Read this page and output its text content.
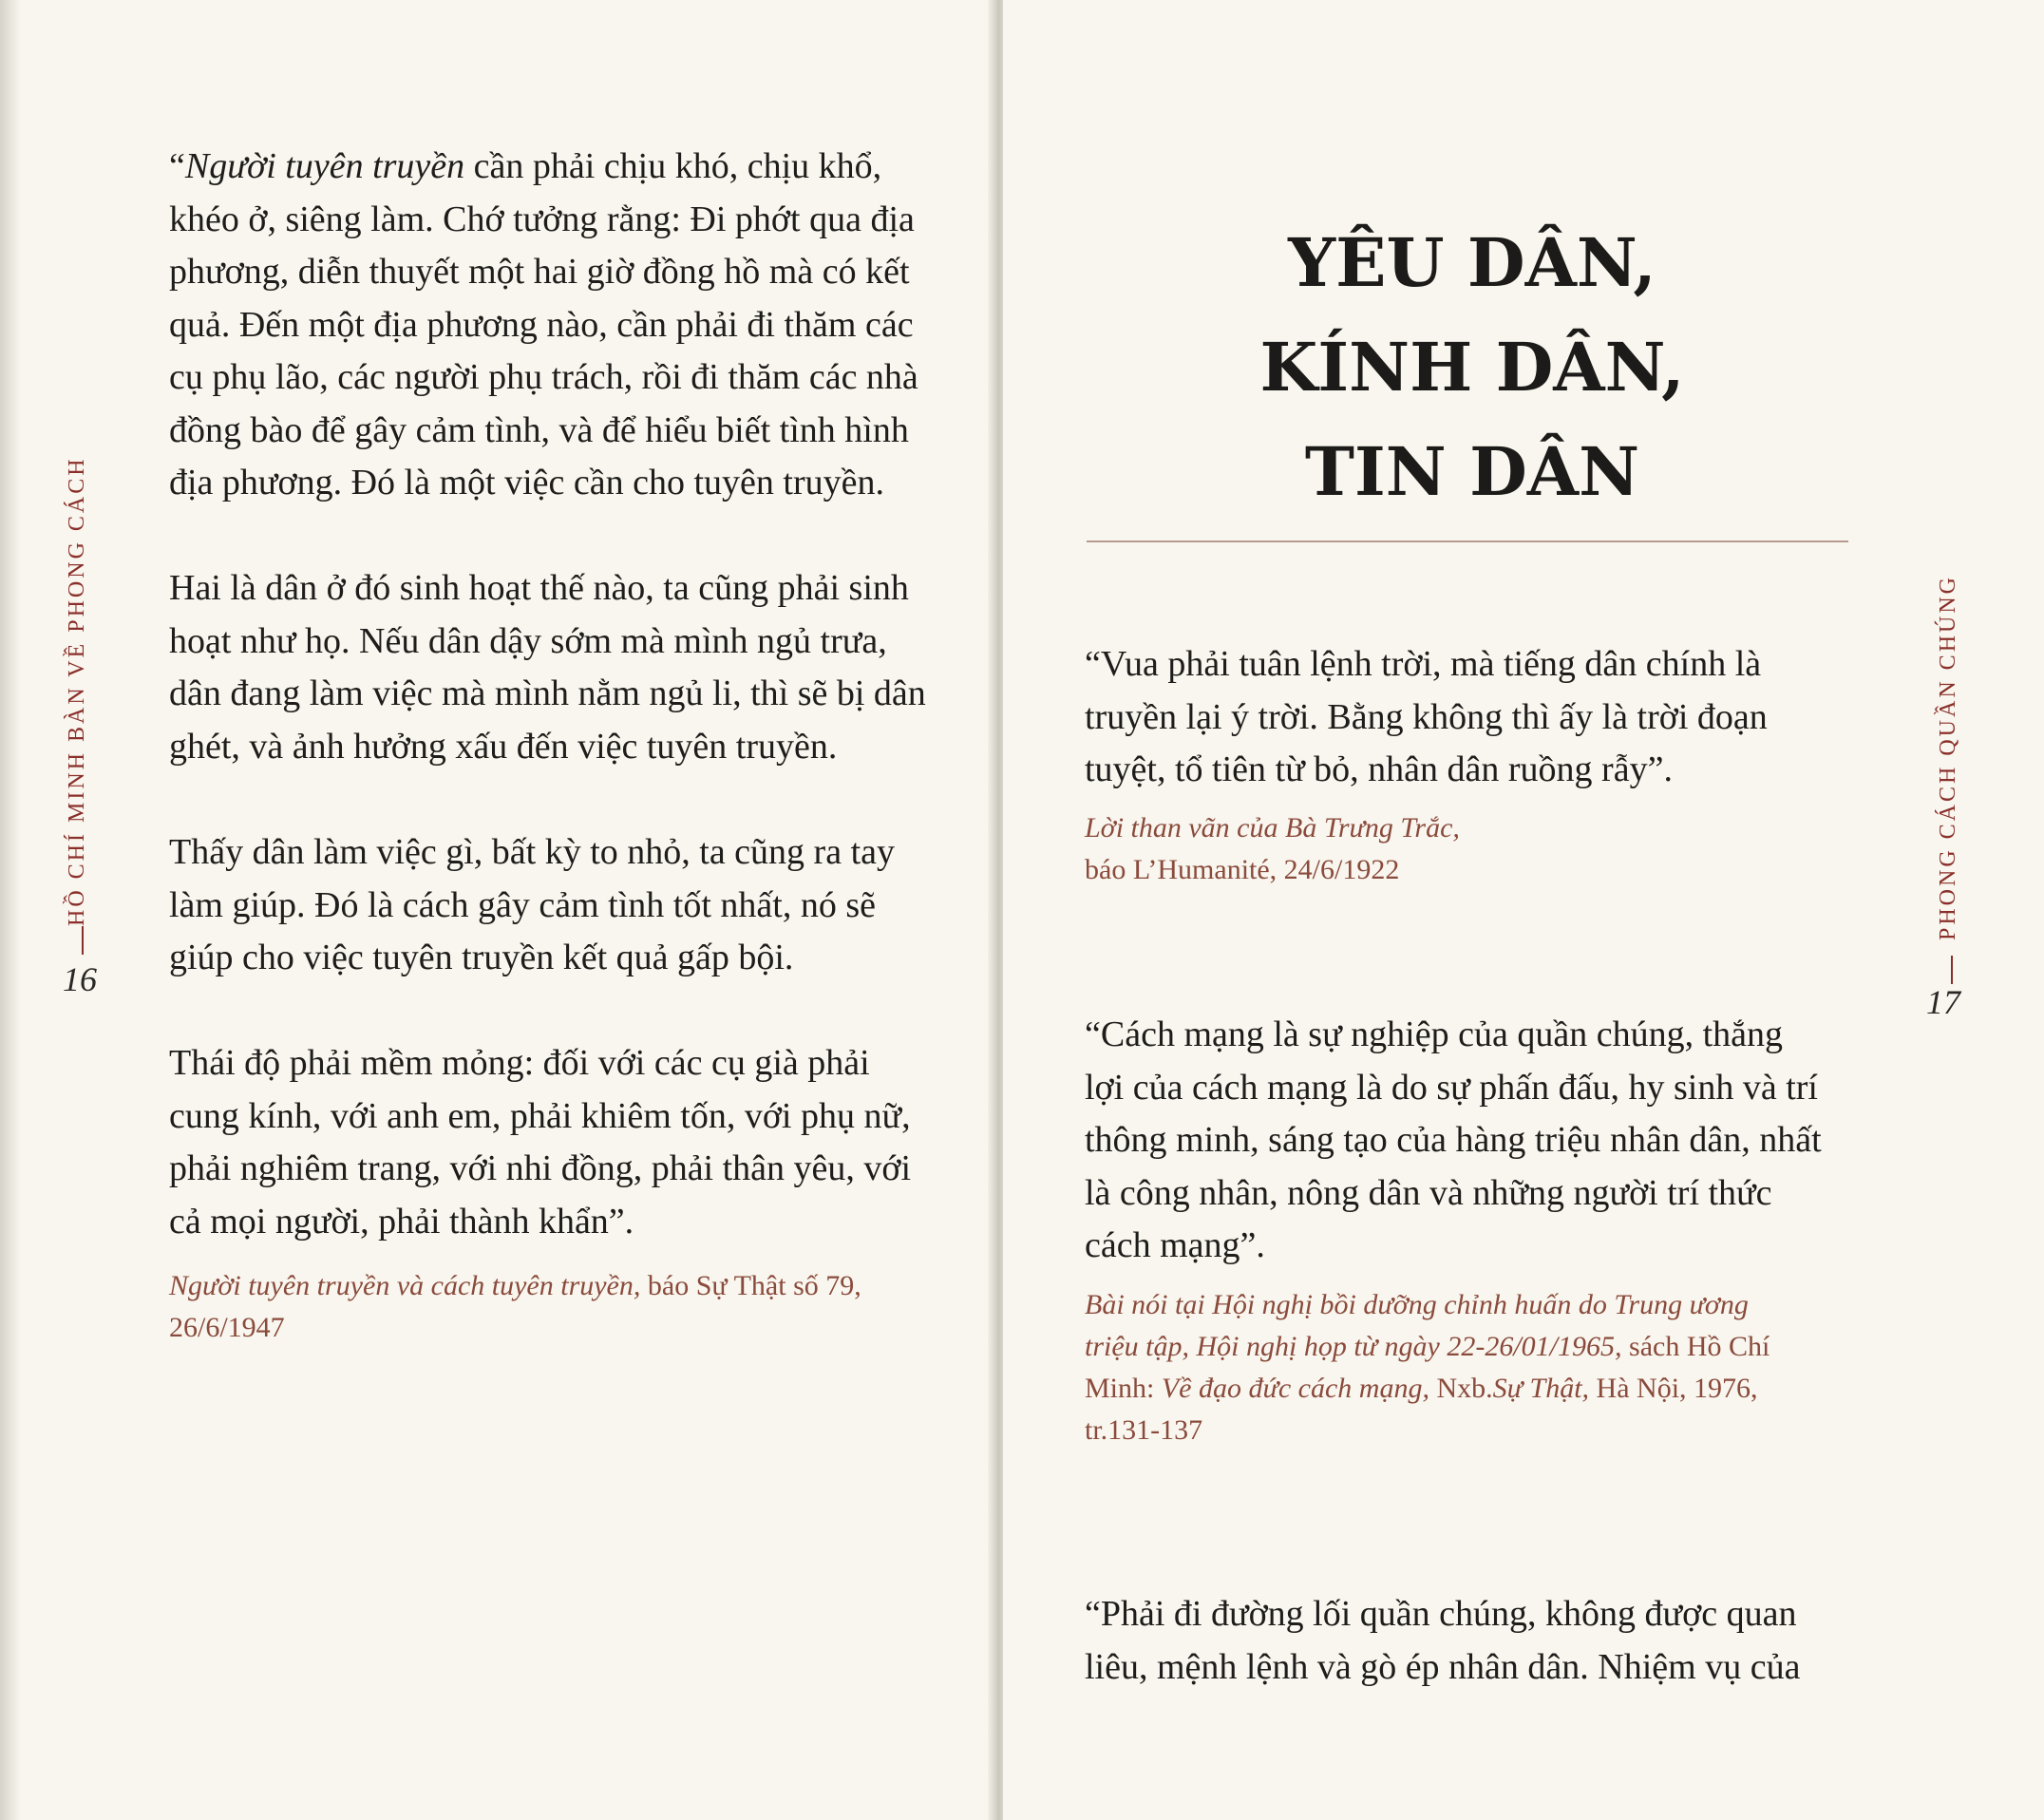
HỒ CHÍ MINH BÀN VỀ PHONG CÁCH
16

“Người tuyên truyền cần phải chịu khó, chịu khổ,
khéo ở, siêng làm. Chớ tưởng rằng: Đi phớt qua địa
phương, diễn thuyết một hai giờ đồng hồ mà có kết
quả. Đến một địa phương nào, cần phải đi thăm các
cụ phụ lão, các người phụ trách, rồi đi thăm các nhà
đồng bào để gây cảm tình, và để hiểu biết tình hình
địa phương. Đó là một việc cần cho tuyên truyền.

Hai là dân ở đó sinh hoạt thế nào, ta cũng phải sinh
hoạt như họ. Nếu dân dậy sớm mà mình ngủ trưa,
dân đang làm việc mà mình nằm ngủ li, thì sẽ bị dân
ghét, và ảnh hưởng xấu đến việc tuyên truyền.

Thấy dân làm việc gì, bất kỳ to nhỏ, ta cũng ra tay
làm giúp. Đó là cách gây cảm tình tốt nhất, nó sẽ
giúp cho việc tuyên truyền kết quả gấp bội.

Thái độ phải mềm mỏng: đối với các cụ già phải
cung kính, với anh em, phải khiêm tốn, với phụ nữ,
phải nghiêm trang, với nhi đồng, phải thân yêu, với
cả mọi người, phải thành khẩn”.

Người tuyên truyền và cách tuyên truyền, báo Sự Thật số 79,
26/6/1947

PHONG CÁCH QUẦN CHÚNG
17
YÊU DÂN,
KÍNH DÂN,
TIN DÂN

“Vua phải tuân lệnh trời, mà tiếng dân chính là
truyền lại ý trời. Bằng không thì ấy là trời đoạn
tuyệt, tổ tiên từ bỏ, nhân dân ruồng rẫy”.

Lời than vãn của Bà Trưng Trắc,
báo L’Humanité, 24/6/1922

“Cách mạng là sự nghiệp của quần chúng, thắng
lợi của cách mạng là do sự phấn đấu, hy sinh và trí
thông minh, sáng tạo của hàng triệu nhân dân, nhất
là công nhân, nông dân và những người trí thức
cách mạng”.

Bài nói tại Hội nghị bồi dưỡng chỉnh huấn do Trung ương
triệu tập, Hội nghị họp từ ngày 22-26/01/1965, sách Hồ Chí
Minh: Về đạo đức cách mạng, Nxb.Sự Thật, Hà Nội, 1976,
tr.131-137

“Phải đi đường lối quần chúng, không được quan
liêu, mệnh lệnh và gò ép nhân dân. Nhiệm vụ của
